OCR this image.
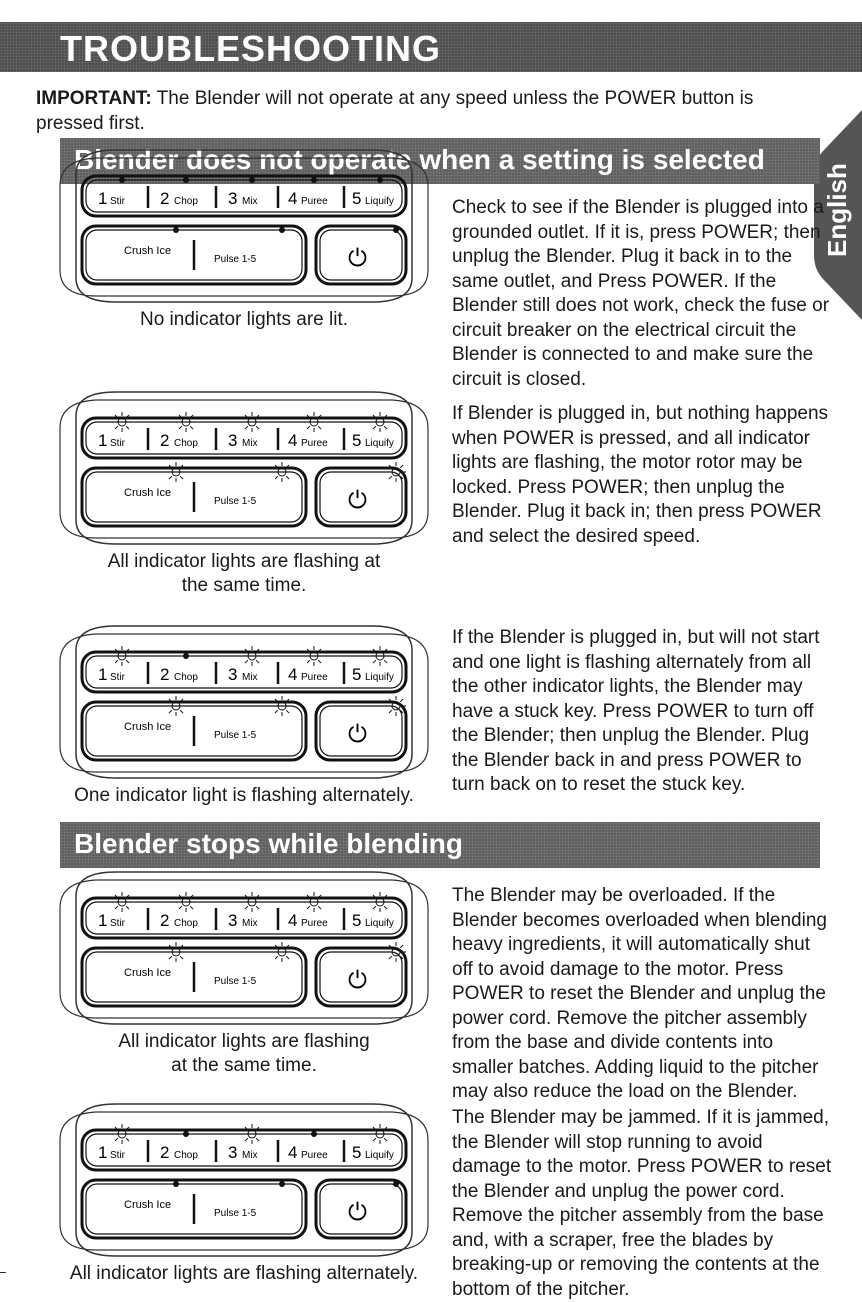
TROUBLESHOOTING
IMPORTANT: The Blender will not operate at any speed unless the POWER button is pressed first.
English
Blender does not operate when a setting is selected
Blender stops while blending
1 Stir 2 Chop 3 Mix 4 Puree 5 Liquify
Crush Ice
Pulse 1-5	⏻
No indicator lights are lit.
1 Stir 2 Chop 3 Mix 4 Puree 5 Liquify
Crush Ice
Pulse 1-5	⏻
All indicator lights are flashing at
the same time.
1 Stir 2 Chop 3 Mix 4 Puree 5 Liquify
Crush Ice
Pulse 1-5	⏻
One indicator light is flashing alternately.
1 Stir 2 Chop 3 Mix 4 Puree 5 Liquify
Crush Ice
Pulse 1-5	⏻
All indicator lights are flashing
at the same time.
1 Stir 2 Chop 3 Mix 4 Puree 5 Liquify
Crush Ice
Pulse 1-5	⏻
All indicator lights are flashing alternately.
Check to see if the Blender is plugged into a grounded outlet. If it is, press POWER; then unplug the Blender. Plug it back in to the same outlet, and Press POWER. If the Blender still does not work, check the fuse or circuit breaker on the electrical circuit the Blender is connected to and make sure the circuit is closed.
If Blender is plugged in, but nothing happens when POWER is pressed, and all indicator lights are flashing, the motor rotor may be locked. Press POWER; then unplug the Blender. Plug it back in; then press POWER and select the desired speed.
If the Blender is plugged in, but will not start and one light is flashing alternately from all the other indicator lights, the Blender may have a stuck key. Press POWER to turn off the Blender; then unplug the Blender. Plug the Blender back in and press POWER to turn back on to reset the stuck key.
The Blender may be overloaded. If the Blender becomes overloaded when blending heavy ingredients, it will automatically shut off to avoid damage to the motor. Press POWER to reset the Blender and unplug the power cord. Remove the pitcher assembly from the base and divide contents into smaller batches. Adding liquid to the pitcher may also reduce the load on the Blender.
The Blender may be jammed. If it is jammed, the Blender will stop running to avoid damage to the motor. Press POWER to reset the Blender and unplug the power cord. Remove the pitcher assembly from the base and, with a scraper, free the blades by breaking-up or removing the contents at the bottom of the pitcher.
